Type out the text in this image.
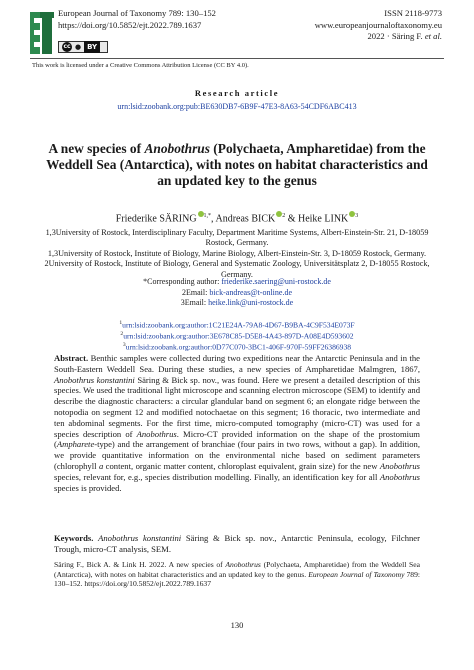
European Journal of Taxonomy 789: 130–152
https://doi.org/10.5852/ejt.2022.789.1637
cc ● BY
ISSN 2118-9773
www.europeanjournaloftaxonomy.eu
2022 · Säring F. et al.
This work is licensed under a Creative Commons Attribution License (CC BY 4.0).
Research article
urn:lsid:zoobank.org:pub:BE630DB7-6B9F-47E3-8A63-54CDF6ABC413
A new species of Anobothrus (Polychaeta, Ampharetidae) from the Weddell Sea (Antarctica), with notes on habitat characteristics and an updated key to the genus
Friederike SÄRING $^{1,*}$, Andreas BICK $^2$ & Heike LINK $^3$

1,3University of Rostock, Interdisciplinary Faculty, Department Maritime Systems, Albert-Einstein-Str. 21, D-18059 Rostock, Germany.

1,3University of Rostock, Institute of Biology, Marine Biology, Albert-Einstein-Str. 3, D-18059 Rostock, Germany.

2University of Rostock, Institute of Biology, General and Systematic Zoology, Universitätsplatz 2, D-18055 Rostock, Germany.

*Corresponding author: friederike.saering@uni-rostock.de

2Email: bick-andreas@t-online.de

3Email: heike.link@uni-rostock.de

$^1$urn:lsid:zoobank.org:author:1C21E24A-79A8-4D67-B9BA-4C9F534E073F

$^2$urn:lsid:zoobank.org:author:3E678C85-D5E8-4A43-897D-A08E4D593602

$^3$urn:lsid:zoobank.org:author:0D77C070-3BC1-406F-970F-59FF26386938

Abstract. Benthic samples were collected during two expeditions near the Antarctic Peninsula and in the South-Eastern Weddell Sea. During these studies, a new species of Ampharetidae Malmgren, 1867, Anobothrus konstantini Säring & Bick sp. nov., was found. Here we present a detailed description of this species. We used the traditional light microscope and scanning electron microscope (SEM) to identify and describe the diagnostic characters: a circular glandular band on segment 6; an elongate ridge between the notopodia on segment 12 and modified notochaetae on this segment; 16 thoracic, two intermediate and ten abdominal segments. For the first time, micro-computed tomography (micro-CT) was used for a species description of Anobothrus. Micro-CT provided information on the shape of the prostomium (Ampharete-type) and the arrangement of branchiae (four pairs in two rows, without a gap). In addition, we provide quantitative information on the environmental niche based on sediment parameters (chlorophyll a content, organic matter content, chloroplast equivalent, grain size) for the new Anobothrus species, relevant for, e.g., species distribution modelling. Finally, an identification key for all Anobothrus species is provided.
Keywords. Anobothrus konstantini Säring & Bick sp. nov., Antarctic Peninsula, ecology, Filchner Trough, micro-CT analysis, SEM.
Säring F., Bick A. & Link H. 2022. A new species of Anobothrus (Polychaeta, Ampharetidae) from the Weddell Sea (Antarctica), with notes on habitat characteristics and an updated key to the genus. European Journal of Taxonomy 789: 130–152. https://doi.org/10.5852/ejt.2022.789.1637
130
